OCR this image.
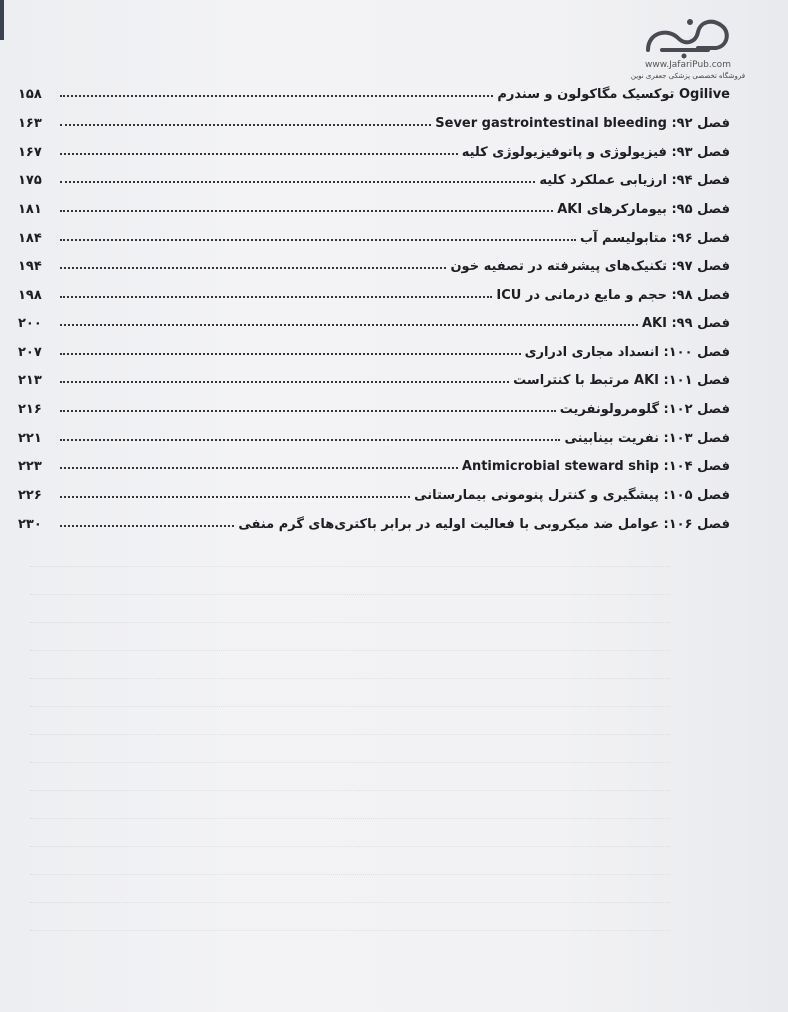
www.JafariPub.com
فروشگاه تخصصی پزشکی جعفری نوین
Ogilive توکسیک مگاکولون و سندرم
۱۵۸
فصل ۹۲: Sever gastrointestinal bleeding
۱۶۳
فصل ۹۳: فیزیولوژی و پاتوفیزیولوژی کلیه
۱۶۷
فصل ۹۴: ارزیابی عملکرد کلیه
۱۷۵
فصل ۹۵: بیومارکرهای AKI
۱۸۱
فصل ۹۶: متابولیسم آب
۱۸۴
فصل ۹۷: تکنیک‌های پیشرفته در تصفیه خون
۱۹۴
فصل ۹۸: حجم و مایع درمانی در ICU
۱۹۸
فصل ۹۹: AKI
۲۰۰
فصل ۱۰۰: انسداد مجاری ادراری
۲۰۷
فصل ۱۰۱: AKI مرتبط با کنتراست
۲۱۳
فصل ۱۰۲: گلومرولونفریت
۲۱۶
فصل ۱۰۳: نفریت بینابینی
۲۲۱
فصل ۱۰۴: Antimicrobial steward ship
۲۲۳
فصل ۱۰۵: پیشگیری و کنترل پنومونی بیمارستانی
۲۲۶
فصل ۱۰۶: عوامل ضد میکروبی با فعالیت اولیه در برابر باکتری‌های گرم منفی
۲۳۰
